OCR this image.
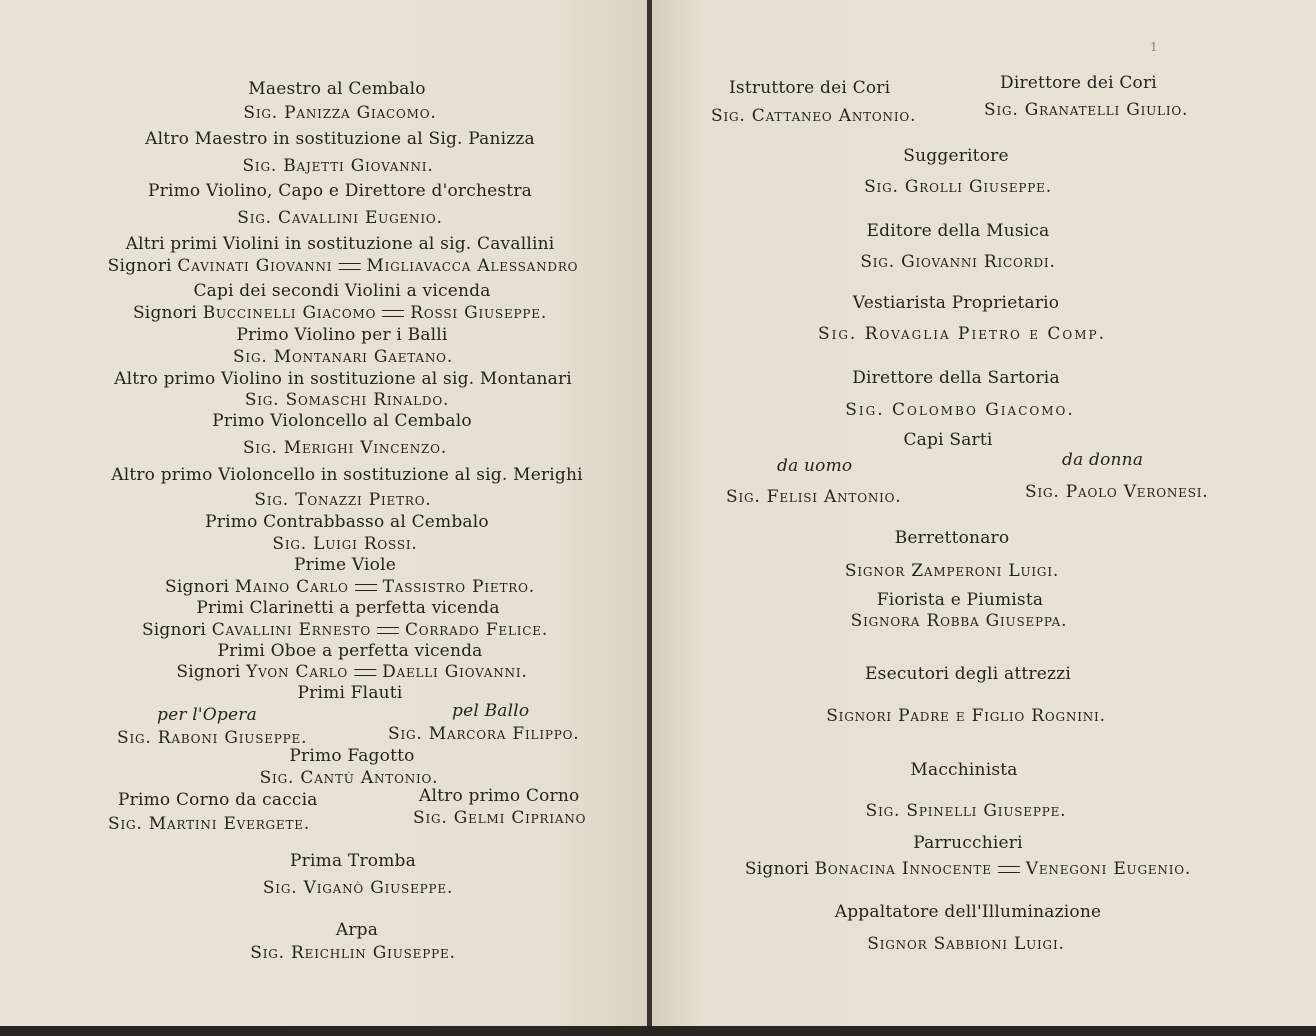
Maestro al Cembalo
Sig. Panizza Giacomo.
Altro Maestro in sostituzione al Sig. Panizza
Sig. Bajetti Giovanni.
Primo Violino, Capo e Direttore d'orchestra
Sig. Cavallini Eugenio.
Altri primi Violini in sostituzione al sig. Cavallini
Signori Cavinati Giovanni Migliavacca Alessandro
Capi dei secondi Violini a vicenda
Signori Buccinelli Giacomo Rossi Giuseppe.
Primo Violino per i Balli
Sig. Montanari Gaetano.
Altro primo Violino in sostituzione al sig. Montanari
Sig. Somaschi Rinaldo.
Primo Violoncello al Cembalo
Sig. Merighi Vincenzo.
Altro primo Violoncello in sostituzione al sig. Merighi
Sig. Tonazzi Pietro.
Primo Contrabbasso al Cembalo
Sig. Luigi Rossi.
Prime Viole
Signori Maino Carlo Tassistro Pietro.
Primi Clarinetti a perfetta vicenda
Signori Cavallini Ernesto Corrado Felice.
Primi Oboe a perfetta vicenda
Signori Yvon Carlo Daelli Giovanni.
Primi Flauti
per l'Opera	pel Ballo
Sig. Raboni Giuseppe.	Sig. Marcora Filippo.
Primo Fagotto
Sig. Cantù Antonio.
Primo Corno da caccia	Altro primo Corno
Sig. Martini Evergete.	Sig. Gelmi Cipriano
Prima Tromba
Sig. Viganò Giuseppe.
Arpa
Sig. Reichlin Giuseppe.
Istruttore dei Cori	Direttore dei Cori
Sig. Cattaneo Antonio.	Sig. Granatelli Giulio.
Suggeritore
Sig. Grolli Giuseppe.
Editore della Musica
Sig. Giovanni Ricordi.
Vestiarista Proprietario
Sig. Rovaglia Pietro e Comp.
Direttore della Sartoria
Sig. Colombo Giacomo.
Capi Sarti
da uomo	da donna
Sig. Felisi Antonio.	Sig. Paolo Veronesi.
Berrettonaro
Signor Zamperoni Luigi.
Fiorista e Piumista
Signora Robba Giuseppa.
Esecutori degli attrezzi
Signori Padre e Figlio Rognini.
Macchinista
Sig. Spinelli Giuseppe.
Parrucchieri
Signori Bonacina Innocente Venegoni Eugenio.
Appaltatore dell'Illuminazione
Signor Sabbioni Luigi.
1
